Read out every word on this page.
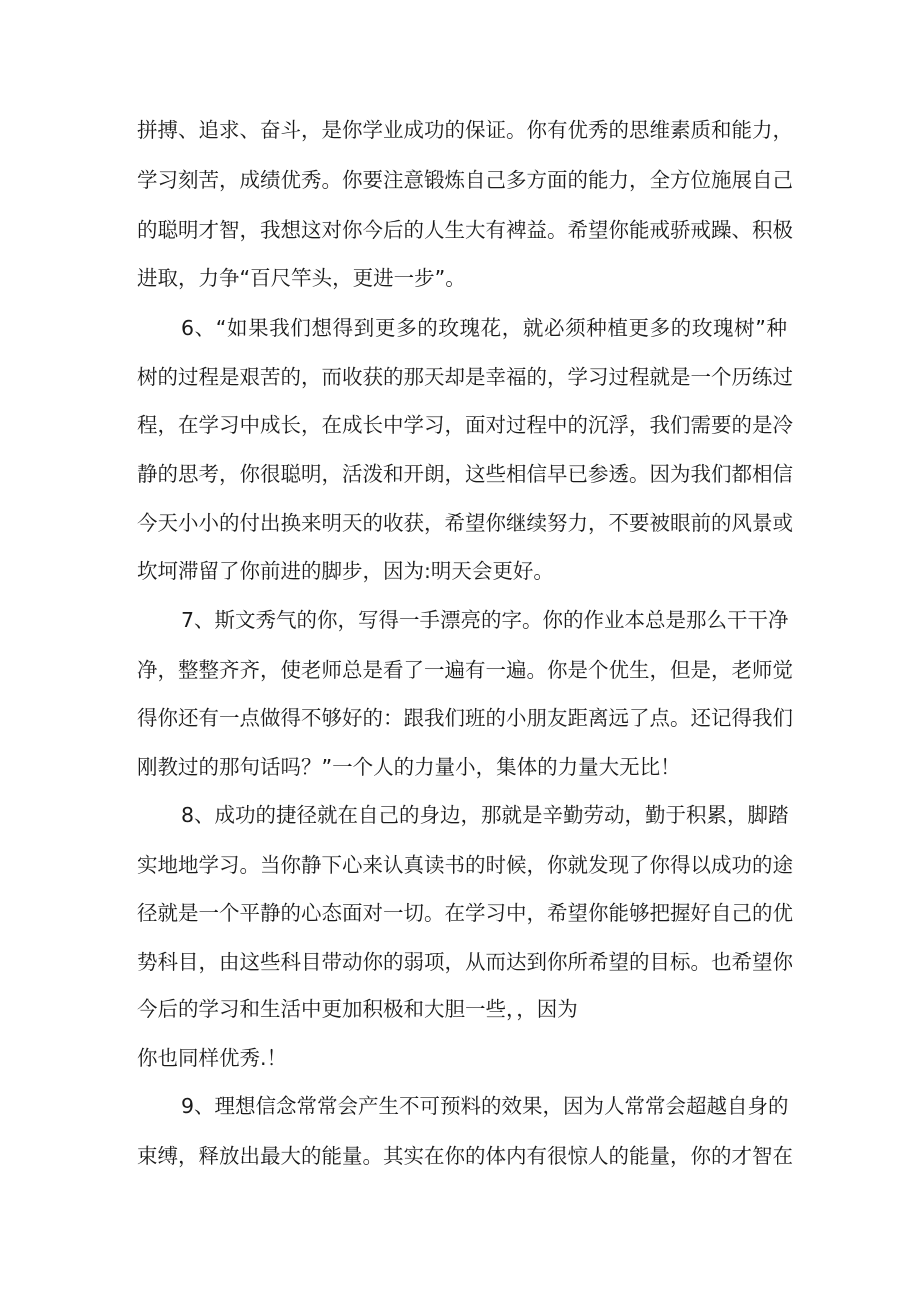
拼搏、追求、奋斗，是你学业成功的保证。你有优秀的思维素质和能力，
学习刻苦，成绩优秀。你要注意锻炼自己多方面的能力，全方位施展自己
的聪明才智，我想这对你今后的人生大有裨益。希望你能戒骄戒躁、积极
进取，力争“百尺竿头，更进一步”。
6、“如果我们想得到更多的玫瑰花，就必须种植更多的玫瑰树”种
树的过程是艰苦的，而收获的那天却是幸福的，学习过程就是一个历练过
程，在学习中成长，在成长中学习，面对过程中的沉浮，我们需要的是冷
静的思考，你很聪明，活泼和开朗，这些相信早已参透。因为我们都相信
今天小小的付出换来明天的收获，希望你继续努力，不要被眼前的风景或
坎坷滞留了你前进的脚步，因为:明天会更好。
7、斯文秀气的你，写得一手漂亮的字。你的作业本总是那么干干净
净，整整齐齐，使老师总是看了一遍有一遍。你是个优生，但是，老师觉
得你还有一点做得不够好的：跟我们班的小朋友距离远了点。还记得我们
刚教过的那句话吗？”一个人的力量小，集体的力量大无比！
8、成功的捷径就在自己的身边，那就是辛勤劳动，勤于积累，脚踏
实地地学习。当你静下心来认真读书的时候，你就发现了你得以成功的途
径就是一个平静的心态面对一切。在学习中，希望你能够把握好自己的优
势科目，由这些科目带动你的弱项，从而达到你所希望的目标。也希望你
今后的学习和生活中更加积极和大胆一些，，因为
你也同样优秀.！
9、理想信念常常会产生不可预料的效果，因为人常常会超越自身的
束缚，释放出最大的能量。其实在你的体内有很惊人的能量，你的才智在
